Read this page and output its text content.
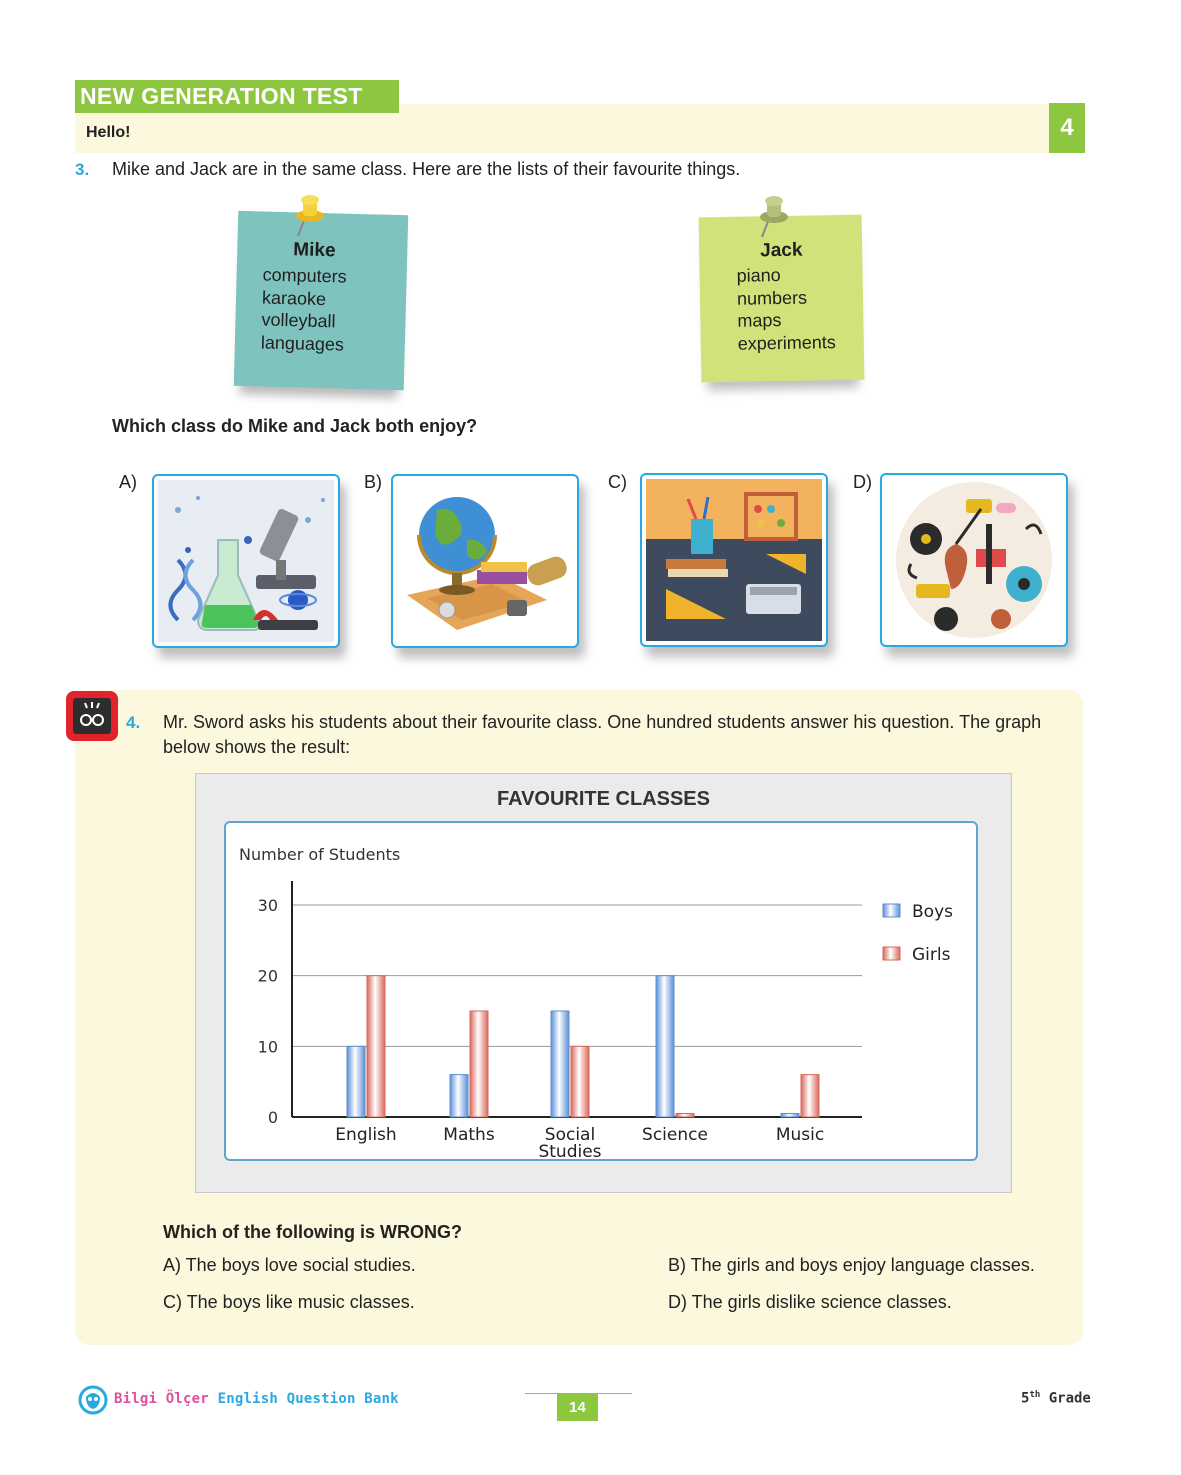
NEW GENERATION TEST
Hello!	4
3. Mike and Jack are in the same class. Here are the lists of their favourite things.
Mike
computers
karaoke
volleyball
languages
Jack
piano
numbers
maps
experiments
Which class do Mike and Jack both enjoy?
A)	B)	C)	D)
4. Mr. Sword asks his students about their favourite class. One hundred students answer his question. The graph below shows the result:
FAVOURITE CLASSES
Number of Students
0
10
20
30
English	Maths	Social
Studies
Science	Music
Boys
Girls
Which of the following is WRONG?
A) The boys love social studies.	B) The girls and boys enjoy language classes.
C) The boys like music classes.	D) The girls dislike science classes.
Bilgi Ölçer English Question Bank	14
5th Grade
